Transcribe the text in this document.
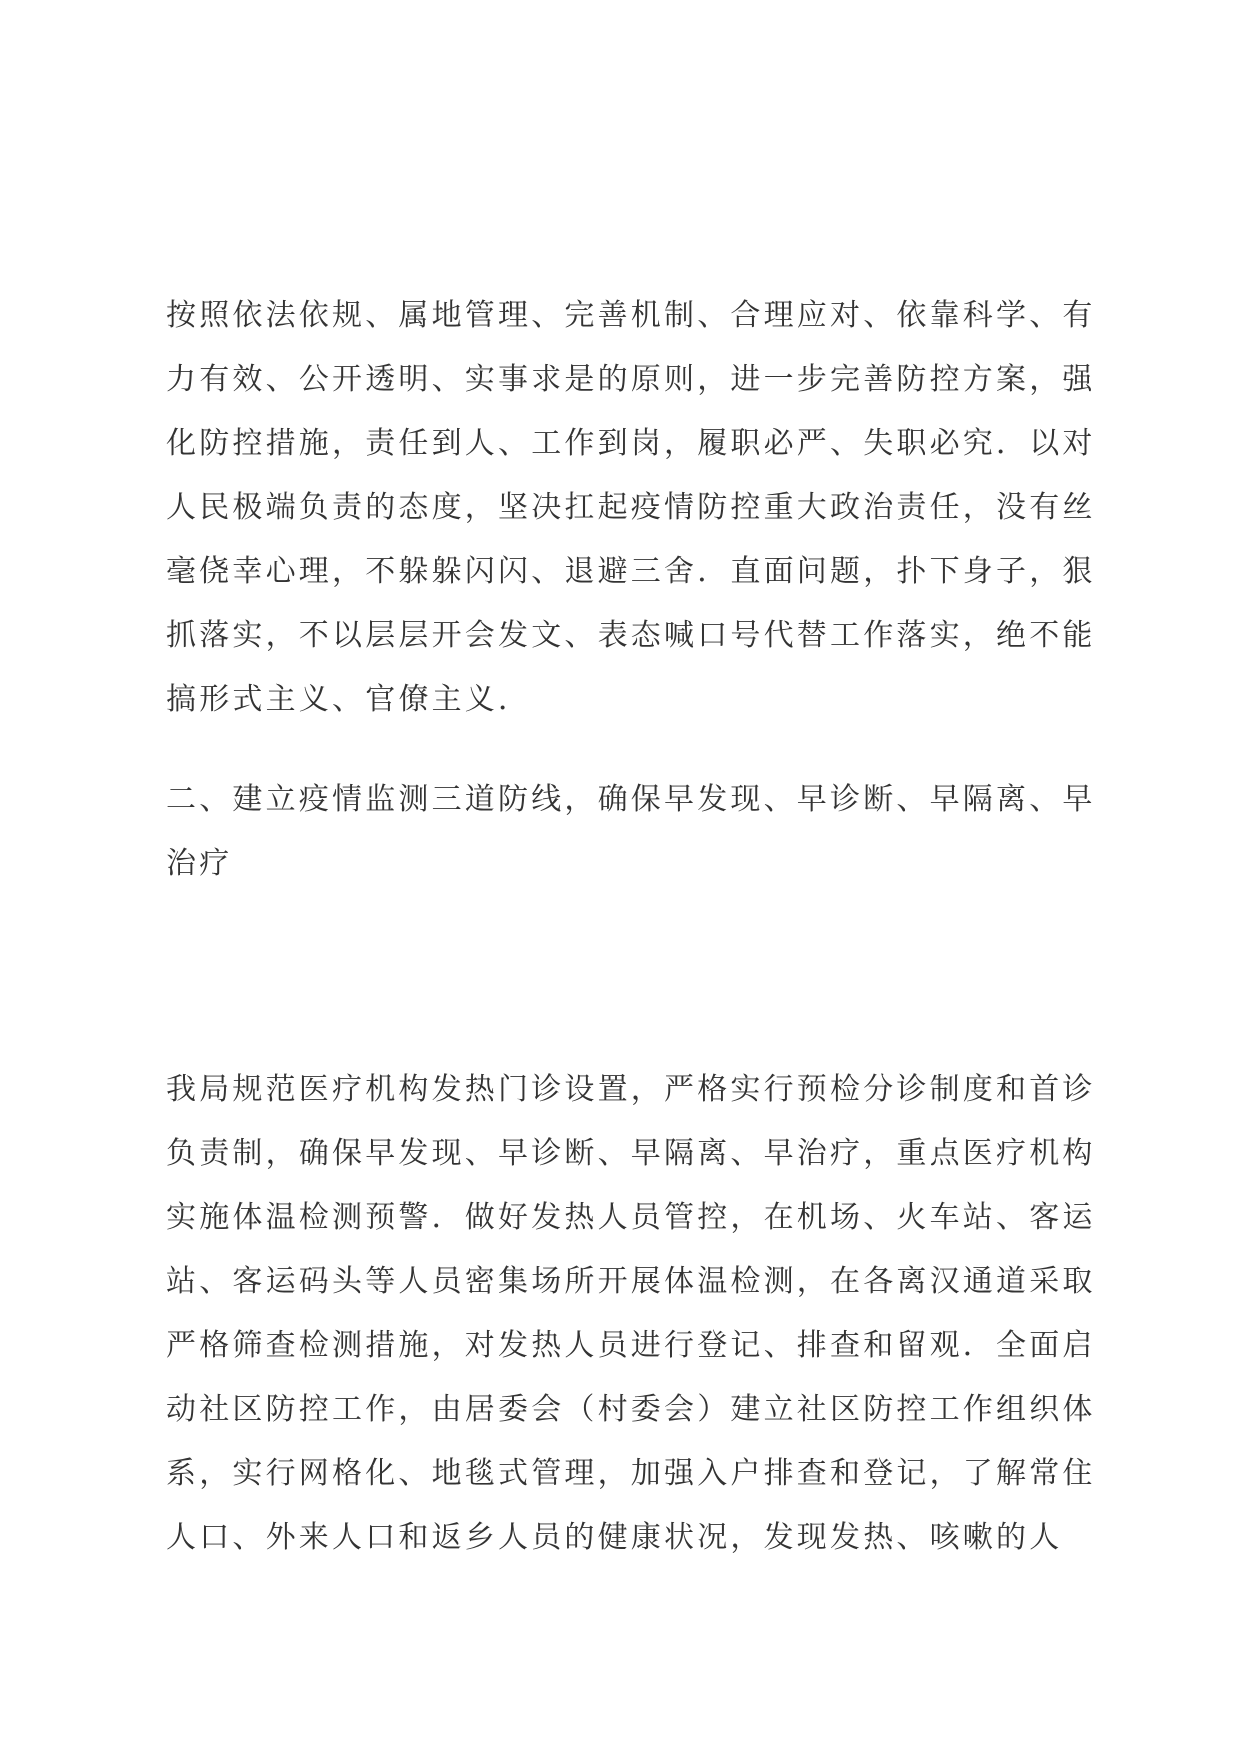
按照依法依规、属地管理、完善机制、合理应对、依靠科学、有
力有效、公开透明、实事求是的原则，进一步完善防控方案，强
化防控措施，责任到人、工作到岗，履职必严、失职必究．以对
人民极端负责的态度，坚决扛起疫情防控重大政治责任，没有丝
毫侥幸心理，不躲躲闪闪、退避三舍．直面问题，扑下身子，狠
抓落实，不以层层开会发文、表态喊口号代替工作落实，绝不能
搞形式主义、官僚主义．
二、建立疫情监测三道防线，确保早发现、早诊断、早隔离、早
治疗
我局规范医疗机构发热门诊设置，严格实行预检分诊制度和首诊
负责制，确保早发现、早诊断、早隔离、早治疗，重点医疗机构
实施体温检测预警．做好发热人员管控，在机场、火车站、客运
站、客运码头等人员密集场所开展体温检测，在各离汉通道采取
严格筛查检测措施，对发热人员进行登记、排查和留观．全面启
动社区防控工作，由居委会（村委会）建立社区防控工作组织体
系，实行网格化、地毯式管理，加强入户排查和登记，了解常住
人口、外来人口和返乡人员的健康状况，发现发热、咳嗽的人
